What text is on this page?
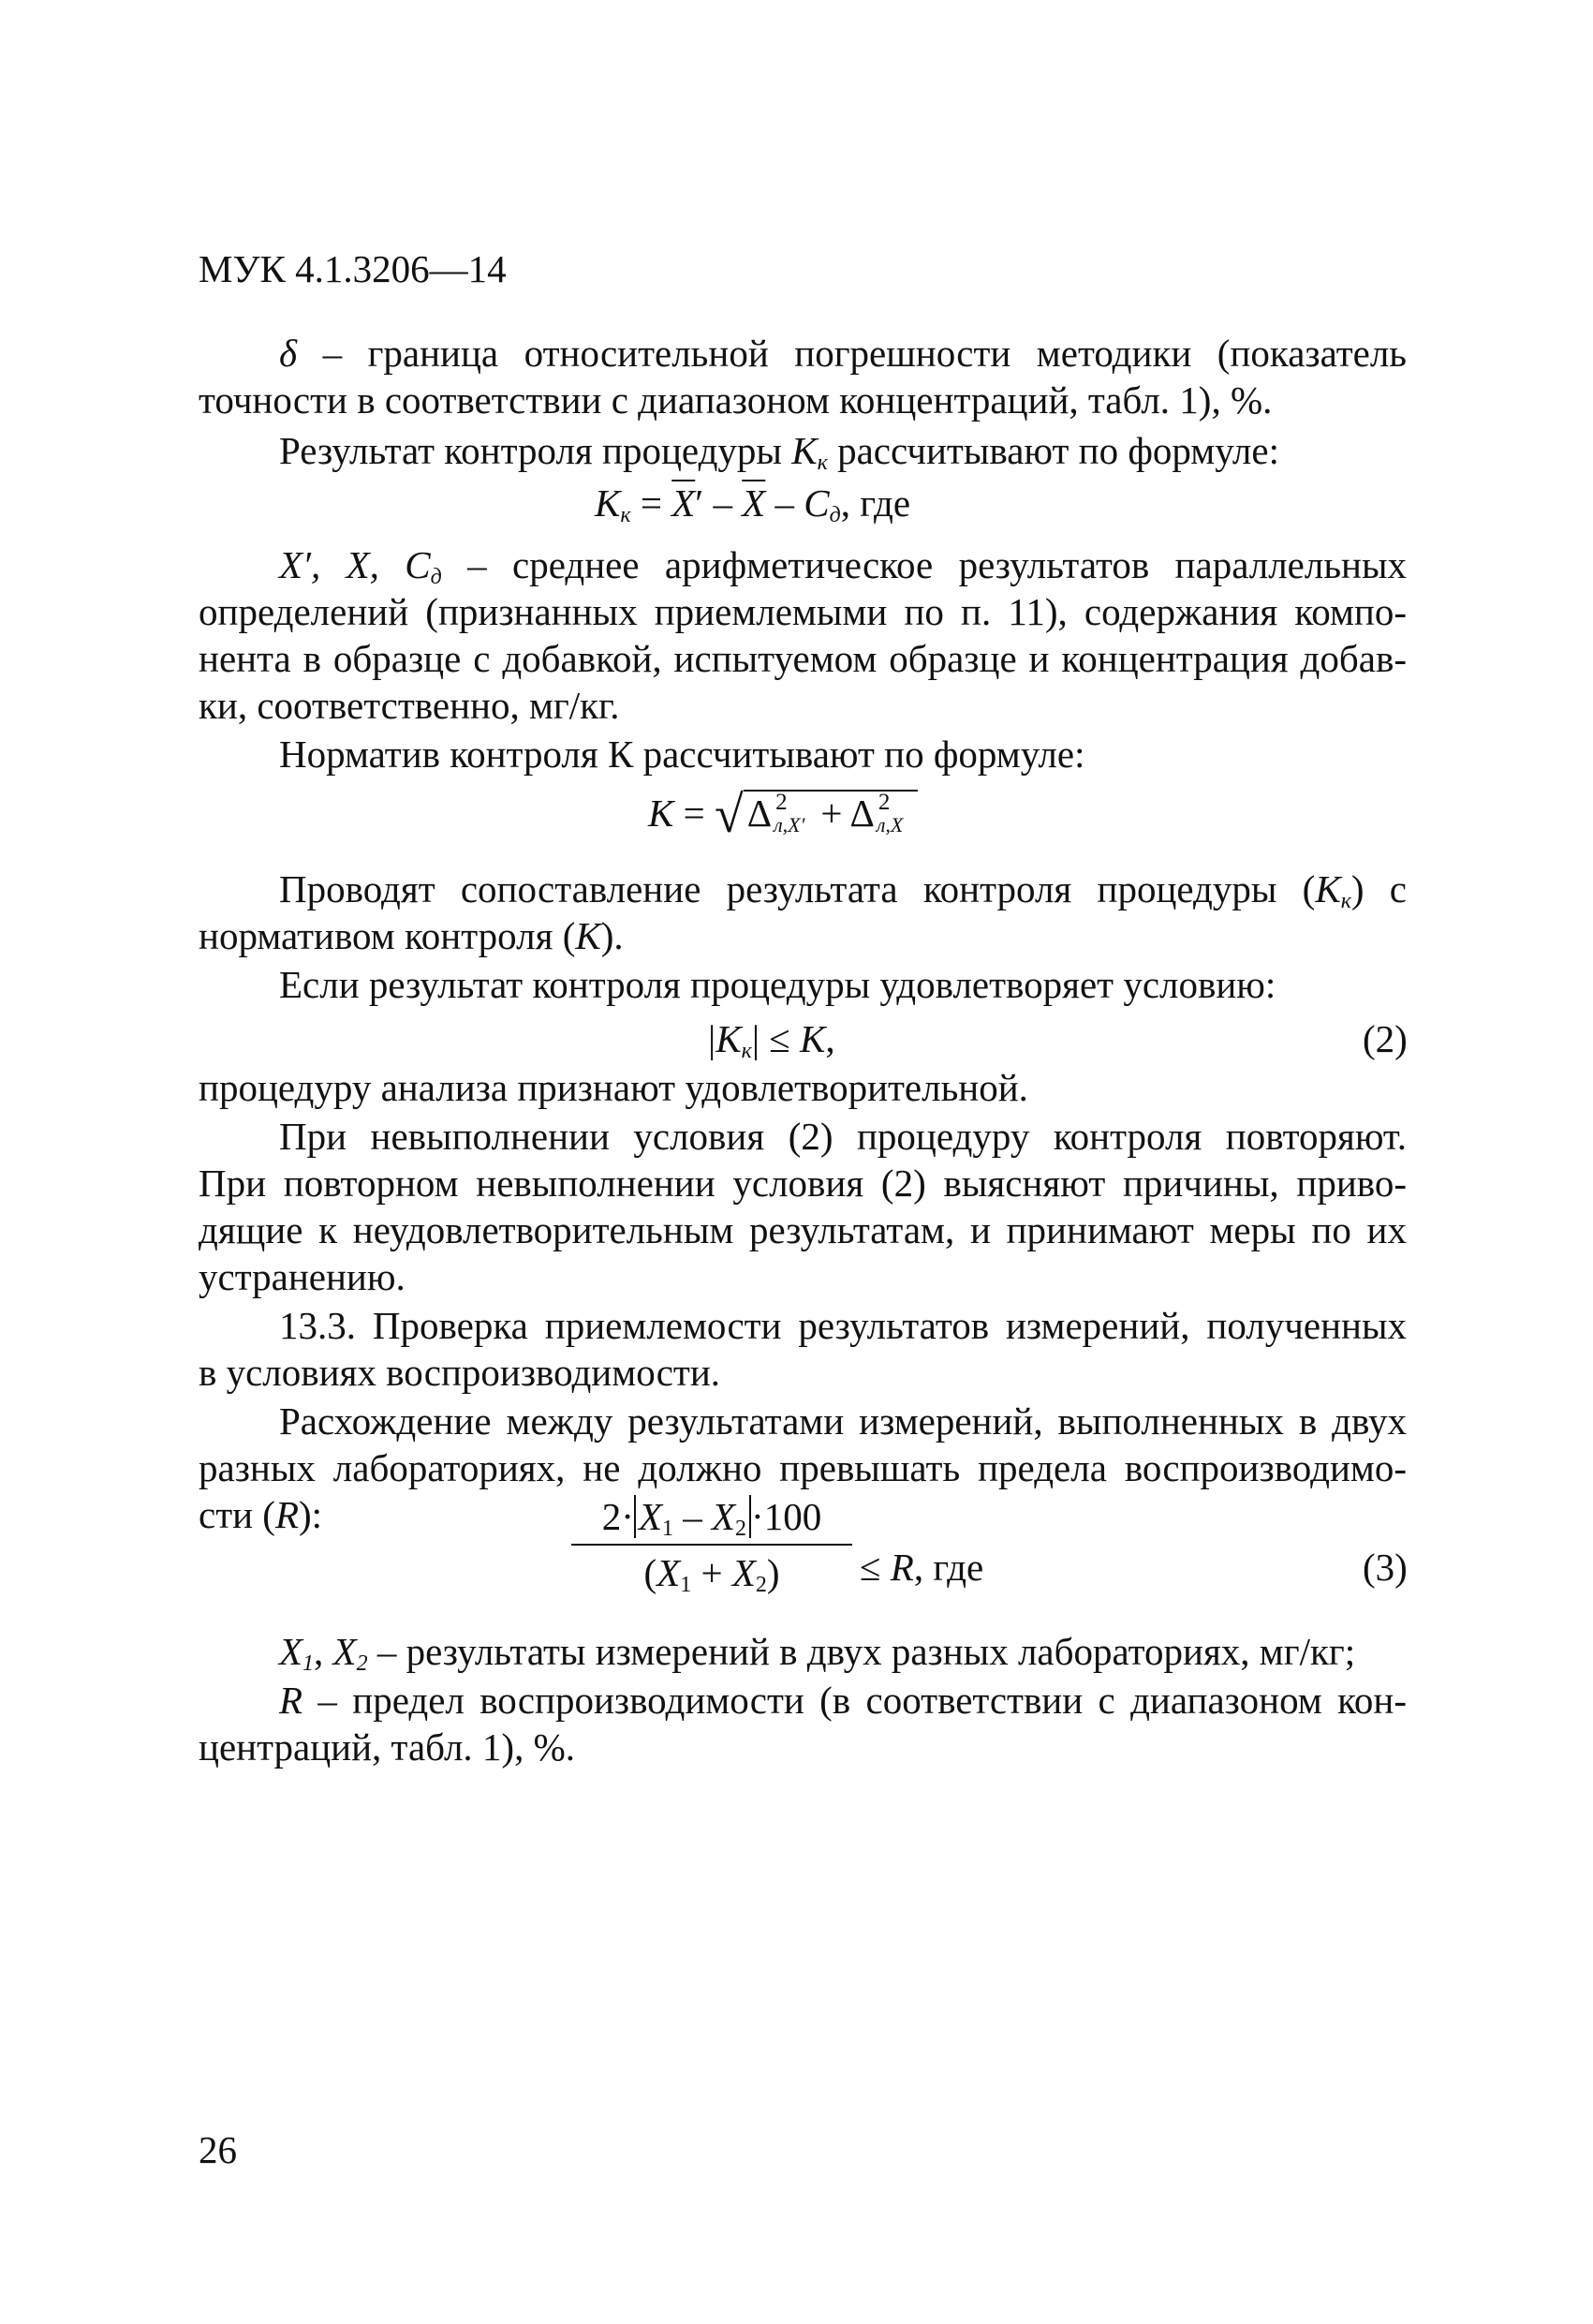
МУК 4.1.3206—14
δ – граница относительной погрешности методики (показатель
точности в соответствии с диапазоном концентраций, табл. 1), %.
Результат контроля процедуры $K_к$ рассчитывают по формуле:
$K_к = \overline{X}' - \overline{X} - C_д$, где
X′, X, $C_д$ – среднее арифметическое результатов параллельных
определений (признанных приемлемыми по п. 11), содержания компо-
нента в образце с добавкой, испытуемом образце и концентрация добав-
ки, соответственно, мг/кг.
Норматив контроля К рассчитывают по формуле:
K = √Δ 2
л,X′ + Δ 2
л,X
Проводят сопоставление результата контроля процедуры $(K_к)$ с
нормативом контроля (K).
Если результат контроля процедуры удовлетворяет условию:
$|K_к| \le K$,	(2)
процедуру анализа признают удовлетворительной.
При невыполнении условия (2) процедуру контроля повторяют.
При повторном невыполнении условия (2) выясняют причины, приво-
дящие к неудовлетворительным результатам, и принимают меры по их
устранению.
13.3. Проверка приемлемости результатов измерений, полученных
в условиях воспроизводимости.
Расхождение между результатами измерений, выполненных в двух
разных лабораториях, не должно превышать предела воспроизводимо-
сти (R):	$2\cdot X_1 - X_2 \cdot 100$
$(X_1 + X_2)$	≤ R, где	(3)
$X_1$, $X_2$ – результаты измерений в двух разных лабораториях, мг/кг;
R – предел воспроизводимости (в соответствии с диапазоном кон-
центраций, табл. 1), %.
26
